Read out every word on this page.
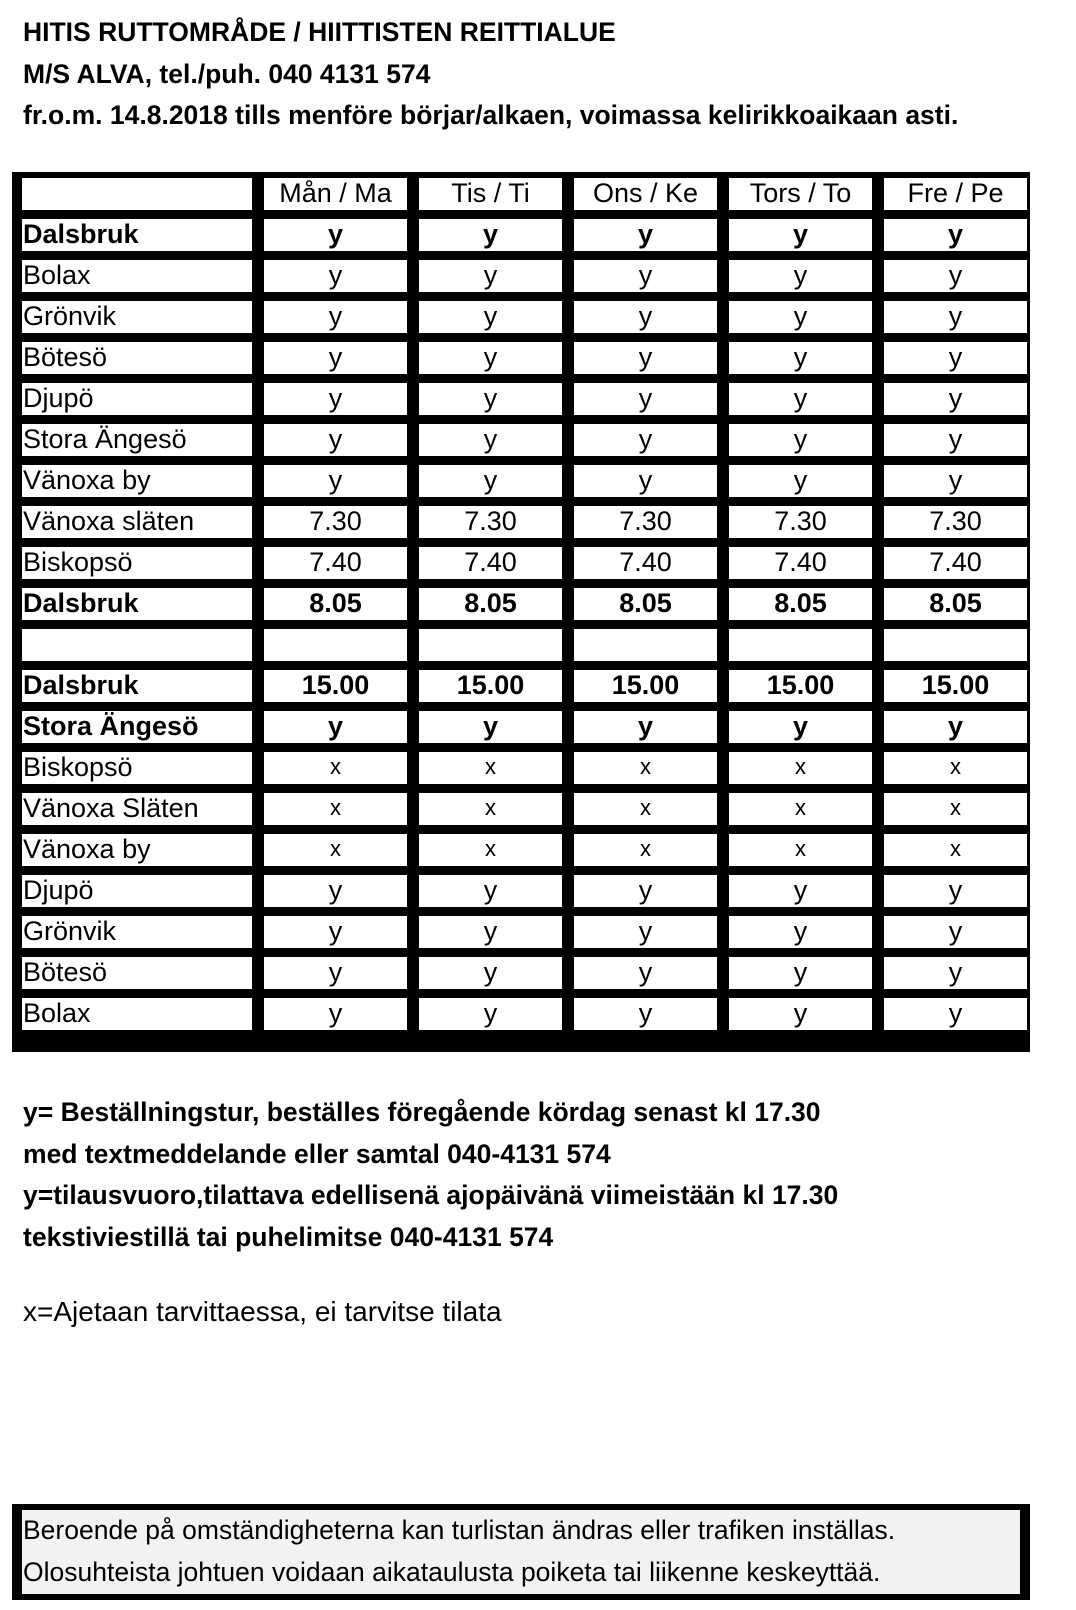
HITIS RUTTOMRÅDE / HIITTISTEN REITTIALUE
M/S ALVA, tel./puh. 040 4131 574
fr.o.m. 14.8.2018 tills menföre börjar/alkaen, voimassa kelirikkoaikaan asti.
Mån / Ma	Tis / Ti	Ons / Ke	Tors / To	Fre / Pe
Dalsbruk	y	y	y	y	y
Bolax	y	y	y	y	y
Grönvik	y	y	y	y	y
Bötesö	y	y	y	y	y
Djupö	y	y	y	y	y
Stora Ängesö	y	y	y	y	y
Vänoxa by	y	y	y	y	y
Vänoxa släten	7.30	7.30	7.30	7.30	7.30
Biskopsö	7.40	7.40	7.40	7.40	7.40
Dalsbruk	8.05	8.05	8.05	8.05	8.05
Dalsbruk	15.00	15.00	15.00	15.00	15.00
Stora Ängesö	y	y	y	y	y
Biskopsö	x	x	x	x	x
Vänoxa Släten	x	x	x	x	x
Vänoxa by	x	x	x	x	x
Djupö	y	y	y	y	y
Grönvik	y	y	y	y	y
Bötesö	y	y	y	y	y
Bolax	y	y	y	y	y
y= Beställningstur, beställes föregående kördag senast kl 17.30
med textmeddelande eller samtal 040-4131 574
y=tilausvuoro,tilattava edellisenä ajopäivänä viimeistään kl 17.30
tekstiviestillä tai puhelimitse 040-4131 574
x=Ajetaan tarvittaessa, ei tarvitse tilata
Beroende på omständigheterna kan turlistan ändras eller trafiken inställas.
Olosuhteista johtuen voidaan aikataulusta poiketa tai liikenne keskeyttää.
